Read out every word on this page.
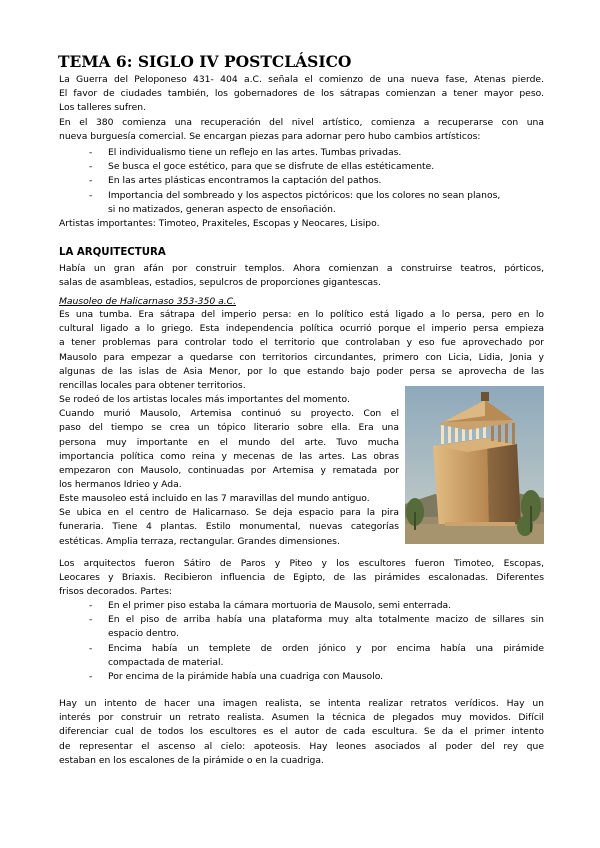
TEMA 6: SIGLO IV POSTCLÁSICO
La Guerra del Peloponeso 431- 404 a.C. señala el comienzo de una nueva fase, Atenas pierde.
El favor de ciudades también, los gobernadores de los sátrapas comienzan a tener mayor peso.
Los talleres sufren.
En el 380 comienza una recuperación del nivel artístico, comienza a recuperarse con una
nueva burguesía comercial. Se encargan piezas para adornar pero hubo cambios artísticos:
- El individualismo tiene un reflejo en las artes. Tumbas privadas.
- Se busca el goce estético, para que se disfrute de ellas estéticamente.
- En las artes plásticas encontramos la captación del pathos.
- Importancia del sombreado y los aspectos pictóricos: que los colores no sean planos,
si no matizados, generan aspecto de ensoñación.
Artistas importantes: Timoteo, Praxiteles, Escopas y Neocares, Lisipo.
LA ARQUITECTURA
Había un gran afán por construir templos. Ahora comienzan a construirse teatros, pórticos,
salas de asambleas, estadios, sepulcros de proporciones gigantescas.
Mausoleo de Halicarnaso 353-350 a.C.
Es una tumba. Era sátrapa del imperio persa: en lo político está ligado a lo persa, pero en lo
cultural ligado a lo griego. Esta independencia política ocurrió porque el imperio persa empieza
a tener problemas para controlar todo el territorio que controlaban y eso fue aprovechado por
Mausolo para empezar a quedarse con territorios circundantes, primero con Licia, Lidia, Jonia y
algunas de las islas de Asia Menor, por lo que estando bajo poder persa se aprovecha de las
rencillas locales para obtener territorios.
Se rodeó de los artistas locales más importantes del momento.
Cuando murió Mausolo, Artemisa continuó su proyecto. Con el
paso del tiempo se crea un tópico literario sobre ella. Era una
persona muy importante en el mundo del arte. Tuvo mucha
importancia política como reina y mecenas de las artes. Las obras
empezaron con Mausolo, continuadas por Artemisa y rematada por
los hermanos Idrieo y Ada.
Este mausoleo está incluido en las 7 maravillas del mundo antiguo.
Se ubica en el centro de Halicarnaso. Se deja espacio para la pira
funeraria. Tiene 4 plantas. Estilo monumental, nuevas categorías
estéticas. Amplia terraza, rectangular. Grandes dimensiones.
Los arquitectos fueron Sátiro de Paros y Piteo y los escultores fueron Timoteo, Escopas,
Leocares y Briaxis. Recibieron influencia de Egipto, de las pirámides escalonadas. Diferentes
frisos decorados. Partes:
- En el primer piso estaba la cámara mortuoria de Mausolo, semi enterrada.
- En el piso de arriba había una plataforma muy alta totalmente macizo de sillares sin
espacio dentro.
- Encima había un templete de orden jónico y por encima había una pirámide
compactada de material.
- Por encima de la pirámide había una cuadriga con Mausolo.
Hay un intento de hacer una imagen realista, se intenta realizar retratos verídicos. Hay un
interés por construir un retrato realista. Asumen la técnica de plegados muy movidos. Difícil
diferenciar cual de todos los escultores es el autor de cada escultura. Se da el primer intento
de representar el ascenso al cielo: apoteosis. Hay leones asociados al poder del rey que
estaban en los escalones de la pirámide o en la cuadriga.
